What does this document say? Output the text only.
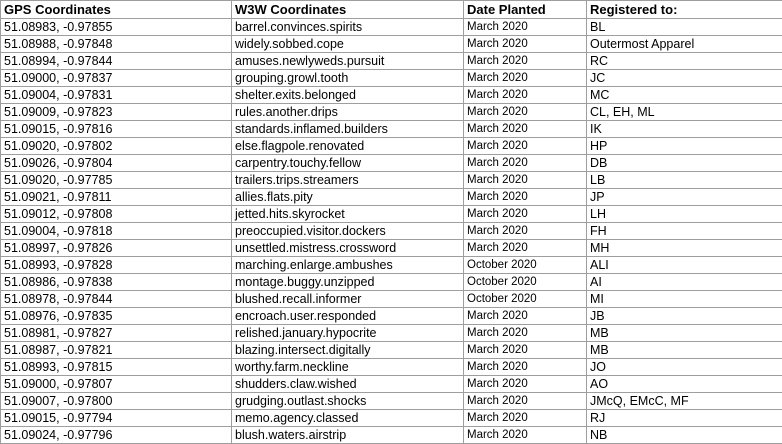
GPS Coordinates	W3W Coordinates	Date Planted	Registered to:
51.08983, -0.97855	barrel.convinces.spirits	March 2020	BL
51.08988, -0.97848	widely.sobbed.cope	March 2020	Outermost Apparel
51.08994, -0.97844	amuses.newlyweds.pursuit	March 2020	RC
51.09000, -0.97837	grouping.growl.tooth	March 2020	JC
51.09004, -0.97831	shelter.exits.belonged	March 2020	MC
51.09009, -0.97823	rules.another.drips	March 2020	CL, EH, ML
51.09015, -0.97816	standards.inflamed.builders	March 2020	IK
51.09020, -0.97802	else.flagpole.renovated	March 2020	HP
51.09026, -0.97804	carpentry.touchy.fellow	March 2020	DB
51.09020, -0.97785	trailers.trips.streamers	March 2020	LB
51.09021, -0.97811	allies.flats.pity	March 2020	JP
51.09012, -0.97808	jetted.hits.skyrocket	March 2020	LH
51.09004, -0.97818	preoccupied.visitor.dockers	March 2020	FH
51.08997, -0.97826	unsettled.mistress.crossword	March 2020	MH
51.08993, -0.97828	marching.enlarge.ambushes	October 2020	ALI
51.08986, -0.97838	montage.buggy.unzipped	October 2020	AI
51.08978, -0.97844	blushed.recall.informer	October 2020	MI
51.08976, -0.97835	encroach.user.responded	March 2020	JB
51.08981, -0.97827	relished.january.hypocrite	March 2020	MB
51.08987, -0.97821	blazing.intersect.digitally	March 2020	MB
51.08993, -0.97815	worthy.farm.neckline	March 2020	JO
51.09000, -0.97807	shudders.claw.wished	March 2020	AO
51.09007, -0.97800	grudging.outlast.shocks	March 2020	JMcQ, EMcC, MF
51.09015, -0.97794	memo.agency.classed	March 2020	RJ
51.09024, -0.97796	blush.waters.airstrip	March 2020	NB
